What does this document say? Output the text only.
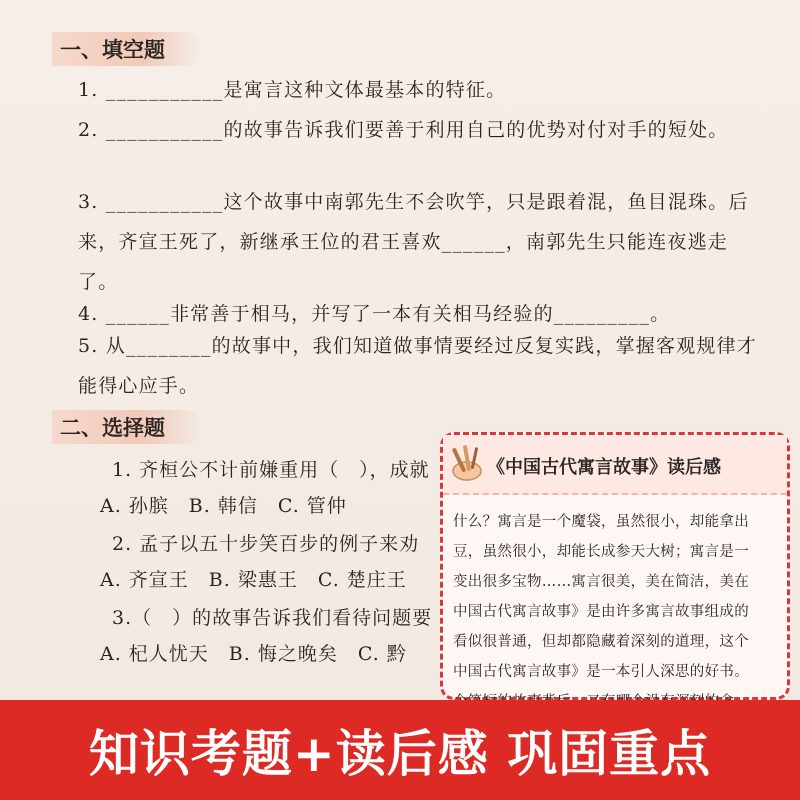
一、填空题
1. ___________是寓言这种文体最基本的特征。
2. ___________的故事告诉我们要善于利用自己的优势对付对手的短处。
3. ___________这个故事中南郭先生不会吹竽，只是跟着混，鱼目混珠。后来，齐宣王死了，新继承王位的君王喜欢______，南郭先生只能连夜逃走了。
4. ______非常善于相马，并写了一本有关相马经验的_________。
5. 从________的故事中，我们知道做事情要经过反复实践，掌握客观规律才能得心应手。
二、选择题
1. 齐桓公不计前嫌重用（　），成就
A. 孙膑　B. 韩信　C. 管仲
2. 孟子以五十步笑百步的例子来劝
A. 齐宣王　B. 梁惠王　C. 楚庄王
3.（　）的故事告诉我们看待问题要
A. 杞人忧天　B. 悔之晚矣　C. 黔
《中国古代寓言故事》读后感
什么？寓言是一个魔袋，虽然很小，却能拿出
豆，虽然很小，却能长成参天大树；寓言是一
变出很多宝物……寓言很美，美在简洁，美在
中国古代寓言故事》是由许多寓言故事组成的
看似很普通，但却都隐藏着深刻的道理，这个
中国古代寓言故事》是一本引人深思的好书。
知识考题+读后感 巩固重点
